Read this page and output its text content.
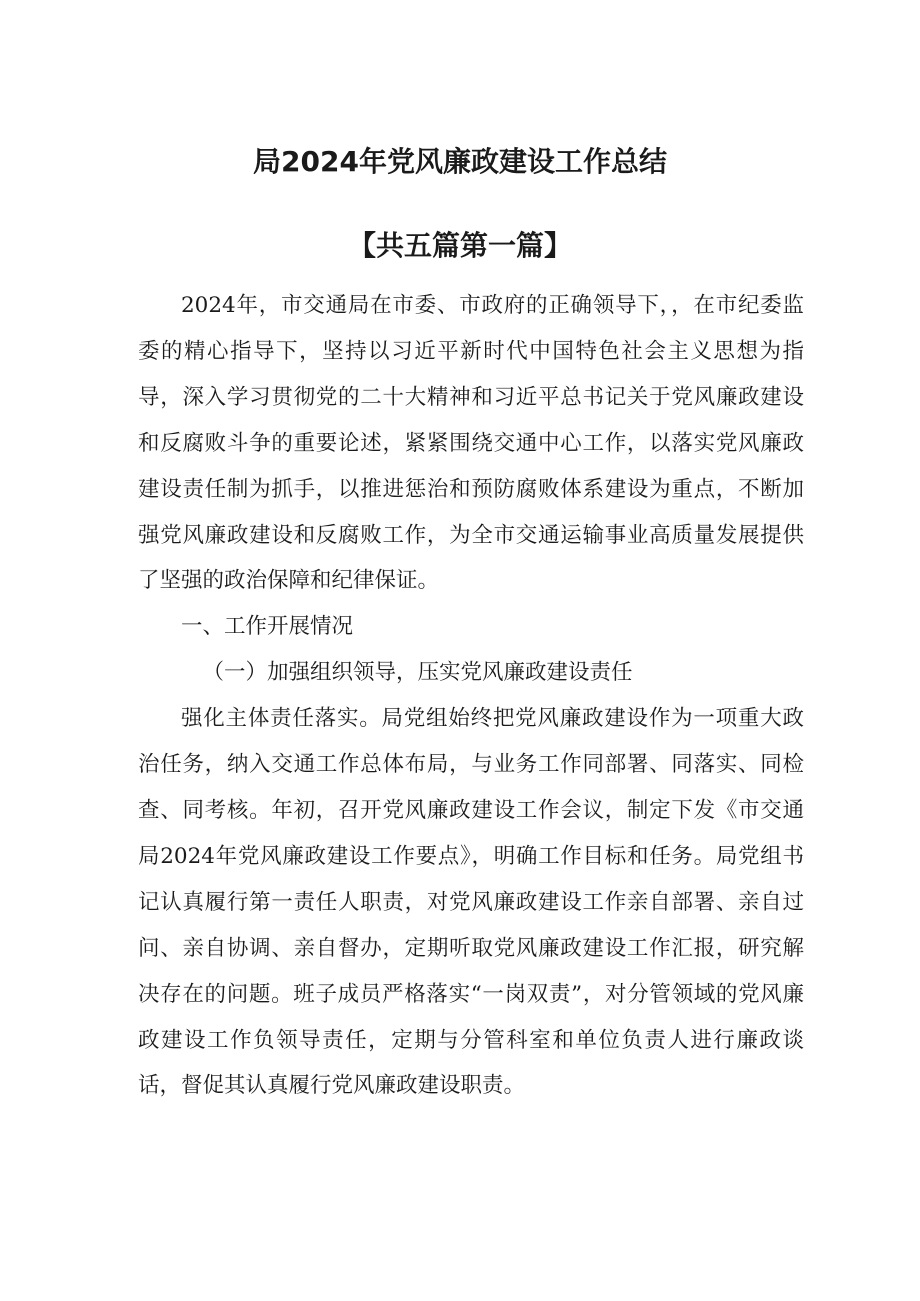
局2024年党风廉政建设工作总结
【共五篇第一篇】

2024年，市交通局在市委、市政府的正确领导下，，在市纪委监委的精心指导下，坚持以习近平新时代中国特色社会主义思想为指导，深入学习贯彻党的二十大精神和习近平总书记关于党风廉政建设和反腐败斗争的重要论述，紧紧围绕交通中心工作，以落实党风廉政建设责任制为抓手，以推进惩治和预防腐败体系建设为重点，不断加强党风廉政建设和反腐败工作，为全市交通运输事业高质量发展提供了坚强的政治保障和纪律保证。

一、工作开展情况

（一）加强组织领导，压实党风廉政建设责任

强化主体责任落实。局党组始终把党风廉政建设作为一项重大政治任务，纳入交通工作总体布局，与业务工作同部署、同落实、同检查、同考核。年初，召开党风廉政建设工作会议，制定下发《市交通局2024年党风廉政建设工作要点》，明确工作目标和任务。局党组书记认真履行第一责任人职责，对党风廉政建设工作亲自部署、亲自过问、亲自协调、亲自督办，定期听取党风廉政建设工作汇报，研究解决存在的问题。班子成员严格落实“一岗双责”，对分管领域的党风廉政建设工作负领导责任，定期与分管科室和单位负责人进行廉政谈话，督促其认真履行党风廉政建设职责。
